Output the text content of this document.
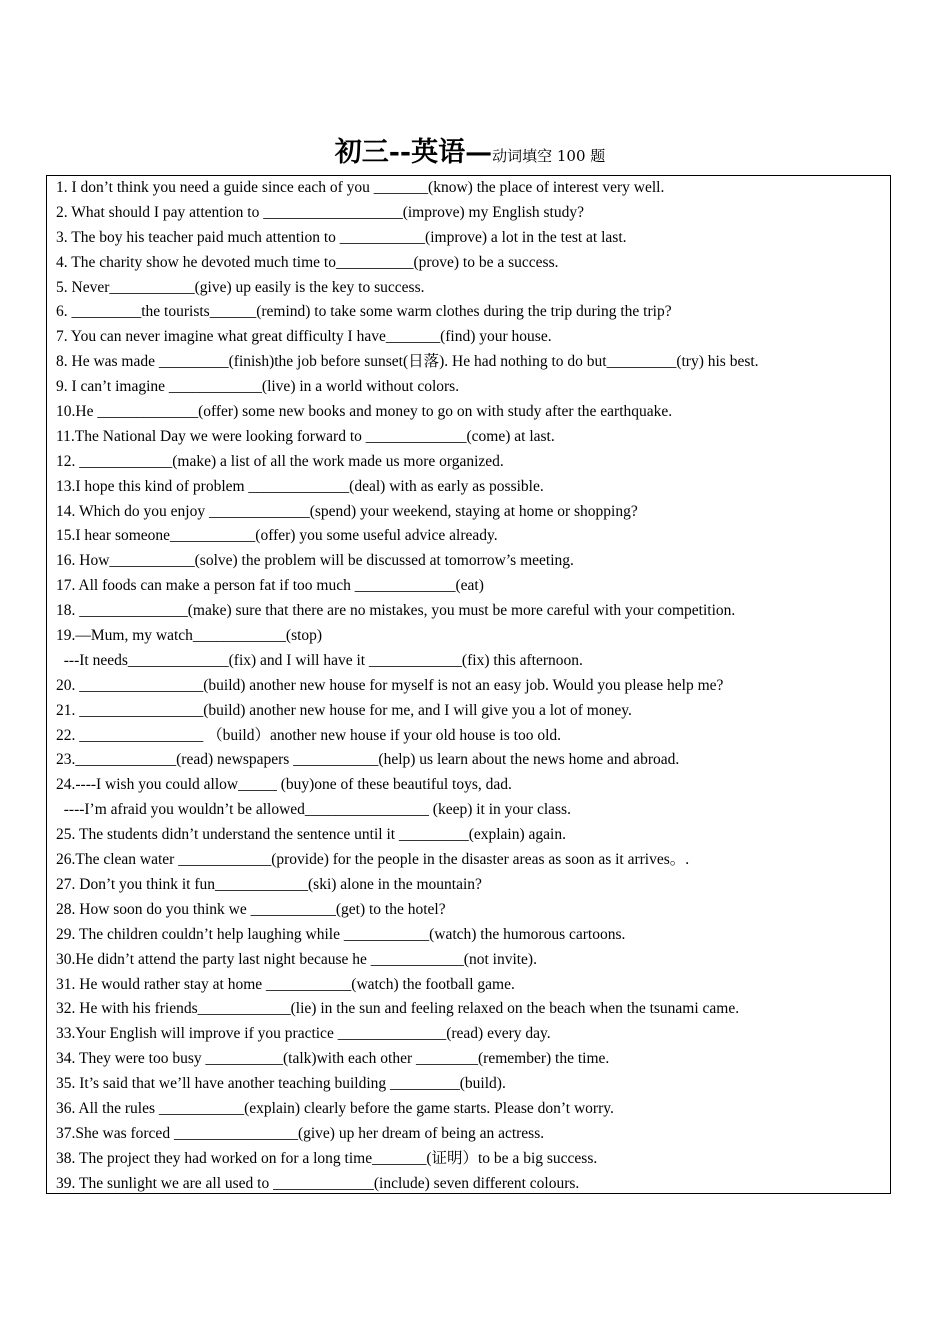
初三--英语—动词填空 100 题
1. I don’t think you need a guide since each of you _______(know) the place of interest very well.
2. What should I pay attention to __________________(improve) my English study?
3. The boy his teacher paid much attention to ___________(improve) a lot in the test at last.
4. The charity show he devoted much time to__________(prove) to be a success.
5. Never___________(give) up easily is the key to success.
6. _________the tourists______(remind) to take some warm clothes during the trip during the trip?
7. You can never imagine what great difficulty I have_______(find) your house.
8. He was made _________(finish)the job before sunset(日落). He had nothing to do but_________(try) his best.
9. I can’t imagine ____________(live) in a world without colors.
10.He _____________(offer) some new books and money to go on with study after the earthquake.
11.The National Day we were looking forward to _____________(come) at last.
12. ____________(make) a list of all the work made us more organized.
13.I hope this kind of problem _____________(deal) with as early as possible.
14. Which do you enjoy _____________(spend) your weekend, staying at home or shopping?
15.I hear someone___________(offer) you some useful advice already.
16. How___________(solve) the problem will be discussed at tomorrow’s meeting.
17. All foods can make a person fat if too much _____________(eat)
18. ______________(make) sure that there are no mistakes, you must be more careful with your competition.
19.—Mum, my watch____________(stop)
---It needs_____________(fix) and I will have it ____________(fix) this afternoon.
20. ________________(build) another new house for myself is not an easy job. Would you please help me?
21. ________________(build) another new house for me, and I will give you a lot of money.
22. ________________ （build）another new house if your old house is too old.
23._____________(read) newspapers ___________(help) us learn about the news home and abroad.
24.----I wish you could allow_____ (buy)one of these beautiful toys, dad.
----I’m afraid you wouldn’t be allowed________________ (keep) it in your class.
25. The students didn’t understand the sentence until it _________(explain) again.
26.The clean water ____________(provide) for the people in the disaster areas as soon as it arrives。.
27. Don’t you think it fun____________(ski) alone in the mountain?
28. How soon do you think we ___________(get) to the hotel?
29. The children couldn’t help laughing while ___________(watch) the humorous cartoons.
30.He didn’t attend the party last night because he ____________(not invite).
31. He would rather stay at home ___________(watch) the football game.
32. He with his friends____________(lie) in the sun and feeling relaxed on the beach when the tsunami came.
33.Your English will improve if you practice ______________(read) every day.
34. They were too busy __________(talk)with each other ________(remember) the time.
35. It’s said that we’ll have another teaching building _________(build).
36. All the rules ___________(explain) clearly before the game starts. Please don’t worry.
37.She was forced ________________(give) up her dream of being an actress.
38. The project they had worked on for a long time_______(证明）to be a big success.
39. The sunlight we are all used to _____________(include) seven different colours.
